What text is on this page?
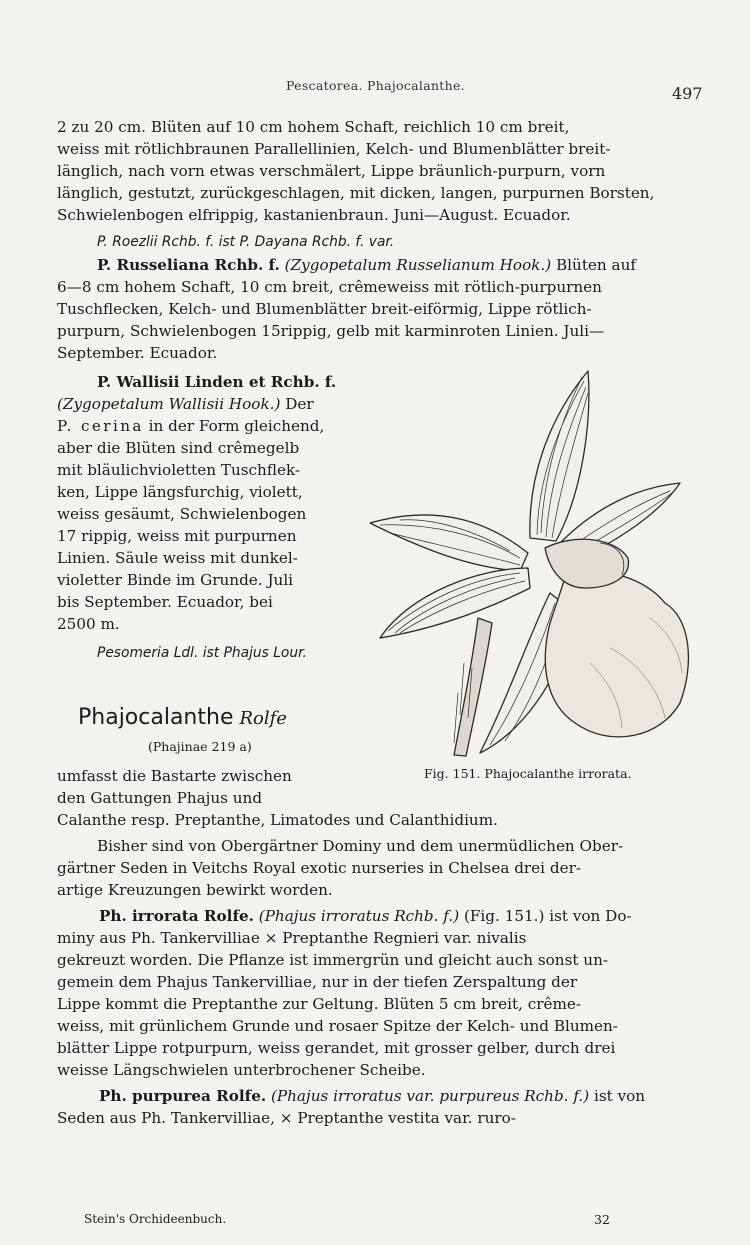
Pescatorea. Phajocalanthe.	497

2 zu 20 cm. Blüten auf 10 cm hohem Schaft, reichlich 10 cm breit,

weiss mit rötlichbraunen Parallellinien, Kelch- und Blumenblätter breit-

länglich, nach vorn etwas verschmälert, Lippe bräunlich-purpurn, vorn

länglich, gestutzt, zurückgeschlagen, mit dicken, langen, purpurnen Borsten,

Schwielenbogen elfrippig, kastanienbraun. Juni—August. Ecuador.

P. Roezlii Rchb. f. ist P. Dayana Rchb. f. var.

P. Russeliana Rchb. f. (Zygopetalum Russelianum Hook.) Blüten auf

6—8 cm hohem Schaft, 10 cm breit, crêmeweiss mit rötlich-purpurnen

Tuschflecken, Kelch- und Blumenblätter breit-eiförmig, Lippe rötlich-

purpurn, Schwielenbogen 15rippig, gelb mit karminroten Linien. Juli—

September. Ecuador.

P. Wallisii Linden et Rchb. f.

(Zygopetalum Wallisii Hook.) Der

P. cerina in der Form gleichend,

aber die Blüten sind crêmegelb

mit bläulichvioletten Tuschflek-

ken, Lippe längsfurchig, violett,

weiss gesäumt, Schwielenbogen

17 rippig, weiss mit purpurnen

Linien. Säule weiss mit dunkel-

violetter Binde im Grunde. Juli

bis September. Ecuador, bei

2500 m.

Pesomeria Ldl. ist Phajus Lour.

Phajocalanthe Rolfe
(Phajinae 219 a)
Fig. 151. Phajocalanthe irrorata.

umfasst die Bastarte zwischen

den Gattungen Phajus und

Calanthe resp. Preptanthe, Limatodes und Calanthidium.

Bisher sind von Obergärtner Dominy und dem unermüdlichen Ober-

gärtner Seden in Veitchs Royal exotic nurseries in Chelsea drei der-

artige Kreuzungen bewirkt worden.

Ph. irrorata Rolfe. (Phajus irroratus Rchb. f.) (Fig. 151.) ist von Do-

miny aus Ph. Tankervilliae × Preptanthe Regnieri var. nivalis

gekreuzt worden. Die Pflanze ist immergrün und gleicht auch sonst un-

gemein dem Phajus Tankervilliae, nur in der tiefen Zerspaltung der

Lippe kommt die Preptanthe zur Geltung. Blüten 5 cm breit, crême-

weiss, mit grünlichem Grunde und rosaer Spitze der Kelch- und Blumen-

blätter Lippe rotpurpurn, weiss gerandet, mit grosser gelber, durch drei

weisse Längschwielen unterbrochener Scheibe.

Ph. purpurea Rolfe. (Phajus irroratus var. purpureus Rchb. f.) ist von

Seden aus Ph. Tankervilliae, × Preptanthe vestita var. ruro-

Stein's Orchideenbuch.	32
